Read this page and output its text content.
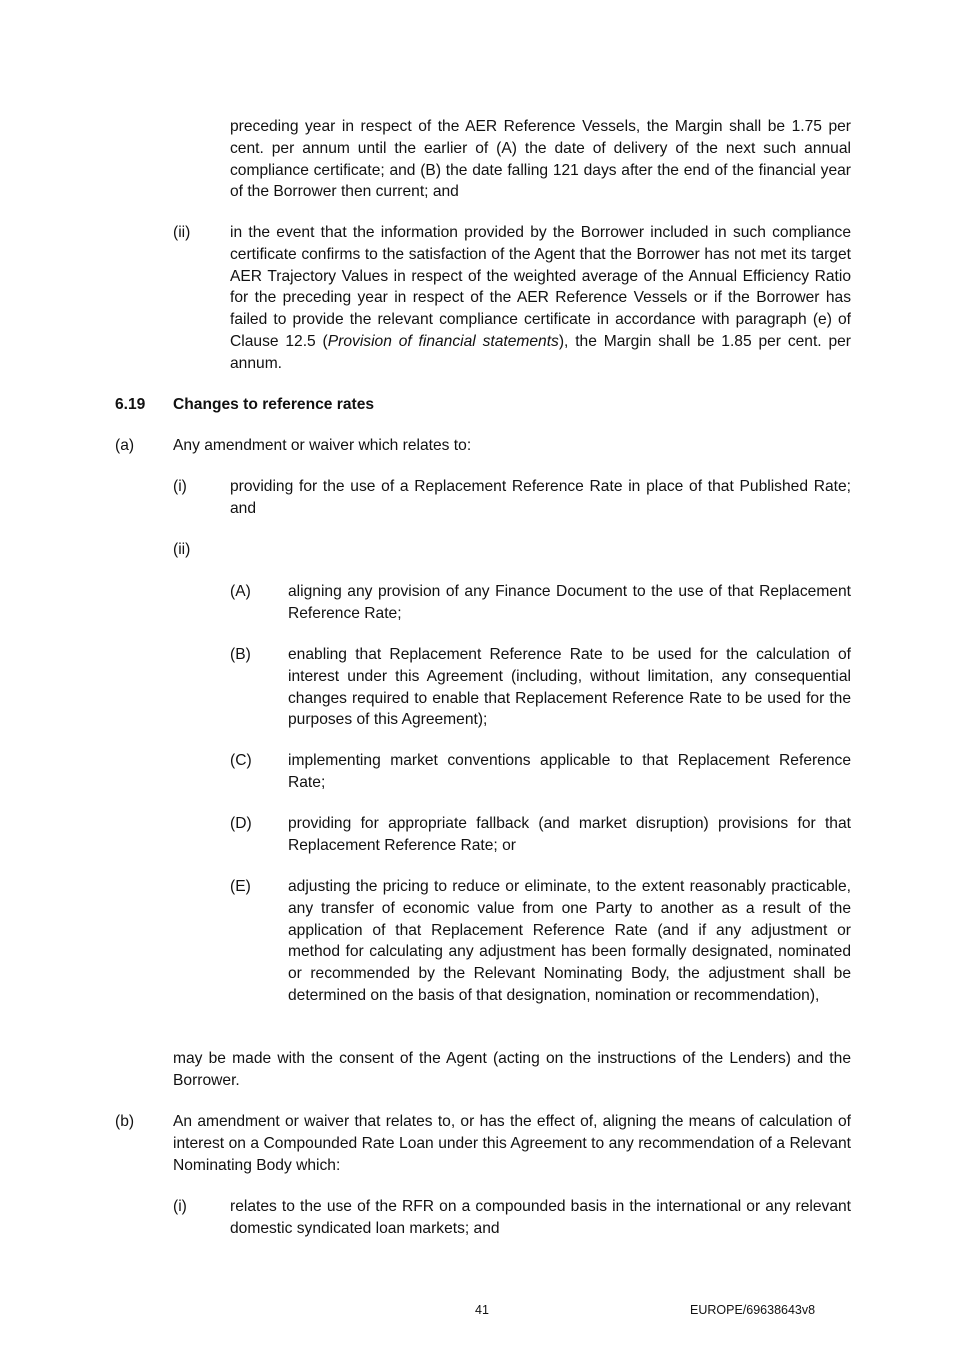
preceding year in respect of the AER Reference Vessels, the Margin shall be 1.75 per cent. per annum until the earlier of (A) the date of delivery of the next such annual compliance certificate; and (B) the date falling 121 days after the end of the financial year of the Borrower then current; and
(ii)	in the event that the information provided by the Borrower included in such compliance certificate confirms to the satisfaction of the Agent that the Borrower has not met its target AER Trajectory Values in respect of the weighted average of the Annual Efficiency Ratio for the preceding year in respect of the AER Reference Vessels or if the Borrower has failed to provide the relevant compliance certificate in accordance with paragraph (e) of Clause 12.5 (Provision of financial statements), the Margin shall be 1.85 per cent. per annum.
6.19 Changes to reference rates
(a) Any amendment or waiver which relates to:
(i)	providing for the use of a Replacement Reference Rate in place of that Published Rate; and
(ii)
(A) aligning any provision of any Finance Document to the use of that Replacement Reference Rate;
(B) enabling that Replacement Reference Rate to be used for the calculation of interest under this Agreement (including, without limitation, any consequential changes required to enable that Replacement Reference Rate to be used for the purposes of this Agreement);
(C) implementing market conventions applicable to that Replacement Reference Rate;
(D) providing for appropriate fallback (and market disruption) provisions for that Replacement Reference Rate; or
(E) adjusting the pricing to reduce or eliminate, to the extent reasonably practicable, any transfer of economic value from one Party to another as a result of the application of that Replacement Reference Rate (and if any adjustment or method for calculating any adjustment has been formally designated, nominated or recommended by the Relevant Nominating Body, the adjustment shall be determined on the basis of that designation, nomination or recommendation),
may be made with the consent of the Agent (acting on the instructions of the Lenders) and the Borrower.
(b) An amendment or waiver that relates to, or has the effect of, aligning the means of calculation of interest on a Compounded Rate Loan under this Agreement to any recommendation of a Relevant Nominating Body which:
(i)	relates to the use of the RFR on a compounded basis in the international or any relevant domestic syndicated loan markets; and
41	EUROPE/69638643v8
